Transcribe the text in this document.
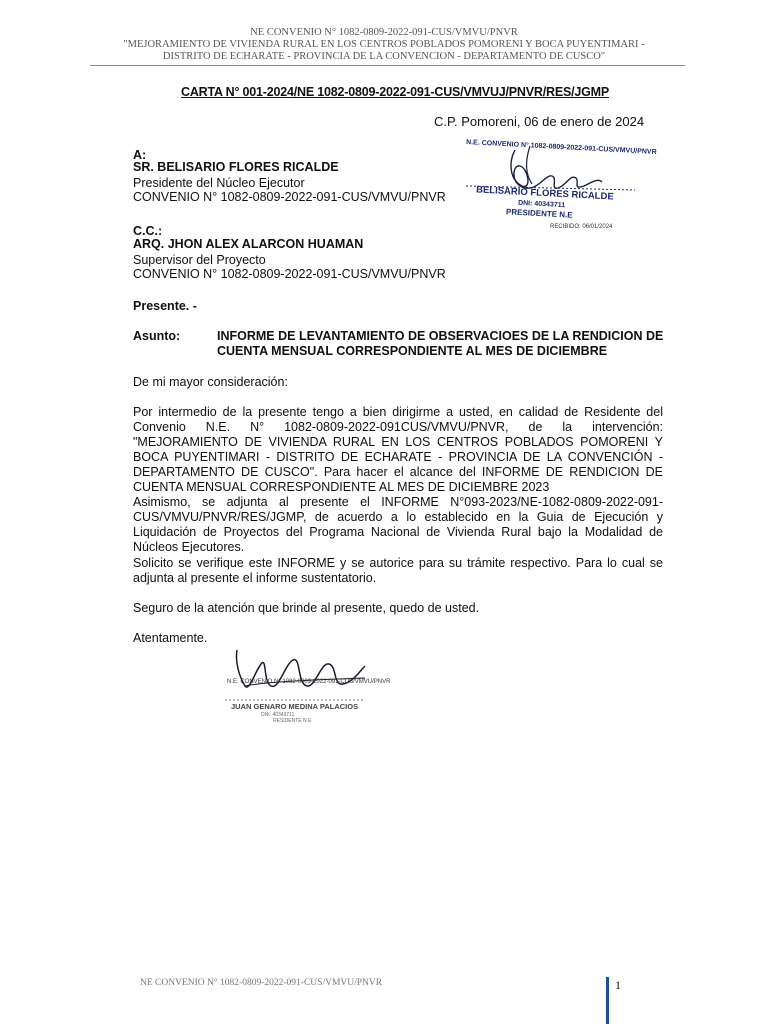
NE CONVENIO N° 1082-0809-2022-091-CUS/VMVU/PNVR
"MEJORAMIENTO DE VIVIENDA RURAL EN LOS CENTROS POBLADOS POMORENI Y BOCA PUYENTIMARI -
DISTRITO DE ECHARATE - PROVINCIA DE LA CONVENCION - DEPARTAMENTO DE CUSCO"
CARTA N° 001-2024/NE 1082-0809-2022-091-CUS/VMVUJ/PNVR/RES/JGMP
C.P. Pomoreni, 06 de enero de 2024
A:
SR. BELISARIO FLORES RICALDE
Presidente del Núcleo Ejecutor
CONVENIO N° 1082-0809-2022-091-CUS/VMVU/PNVR
C.C.:
ARQ. JHON ALEX ALARCON HUAMAN
Supervisor del Proyecto
CONVENIO N° 1082-0809-2022-091-CUS/VMVU/PNVR
Presente. -
Asunto:	INFORME DE LEVANTAMIENTO DE OBSERVACIOES DE LA RENDICION DE
CUENTA MENSUAL CORRESPONDIENTE AL MES DE DICIEMBRE
De mi mayor consideración:
Por intermedio de la presente tengo a bien dirigirme a usted, en calidad de Residente del Convenio N.E. N° 1082-0809-2022-091CUS/VMVU/PNVR, de la intervención: "MEJORAMIENTO DE VIVIENDA RURAL EN LOS CENTROS POBLADOS POMORENI Y BOCA PUYENTIMARI - DISTRITO DE ECHARATE - PROVINCIA DE LA CONVENCIÓN - DEPARTAMENTO DE CUSCO". Para hacer el alcance del INFORME DE RENDICION DE CUENTA MENSUAL CORRESPONDIENTE AL MES DE DICIEMBRE 2023
Asimismo, se adjunta al presente el INFORME N°093-2023/NE-1082-0809-2022-091-CUS/VMVU/PNVR/RES/JGMP, de acuerdo a lo establecido en la Guia de Ejecución y Liquidación de Proyectos del Programa Nacional de Vivienda Rural bajo la Modalidad de Núcleos Ejecutores.
Solicito se verifique este INFORME y se autorice para su trámite respectivo. Para lo cual se adjunta al presente el informe sustentatorio.
Seguro de la atención que brinde al presente, quedo de usted.
Atentamente.
N.E. CONVENIO N° 1082-0809-2022-091-CUS/VMVU/PNVR
BELISARIO FLORES RICALDE
DNI: 40343711
PRESIDENTE N.E
RECIBIDO: 06/01/2024
N.E. CONVENIO N° 1082-0809-2022-091-CUS/VMVU/PNVR
JUAN GENARO MEDINA PALACIOS
DNI: 40343711
RESIDENTE N.E
NE CONVENIO N° 1082-0809-2022-091-CUS/VMVU/PNVR	1
